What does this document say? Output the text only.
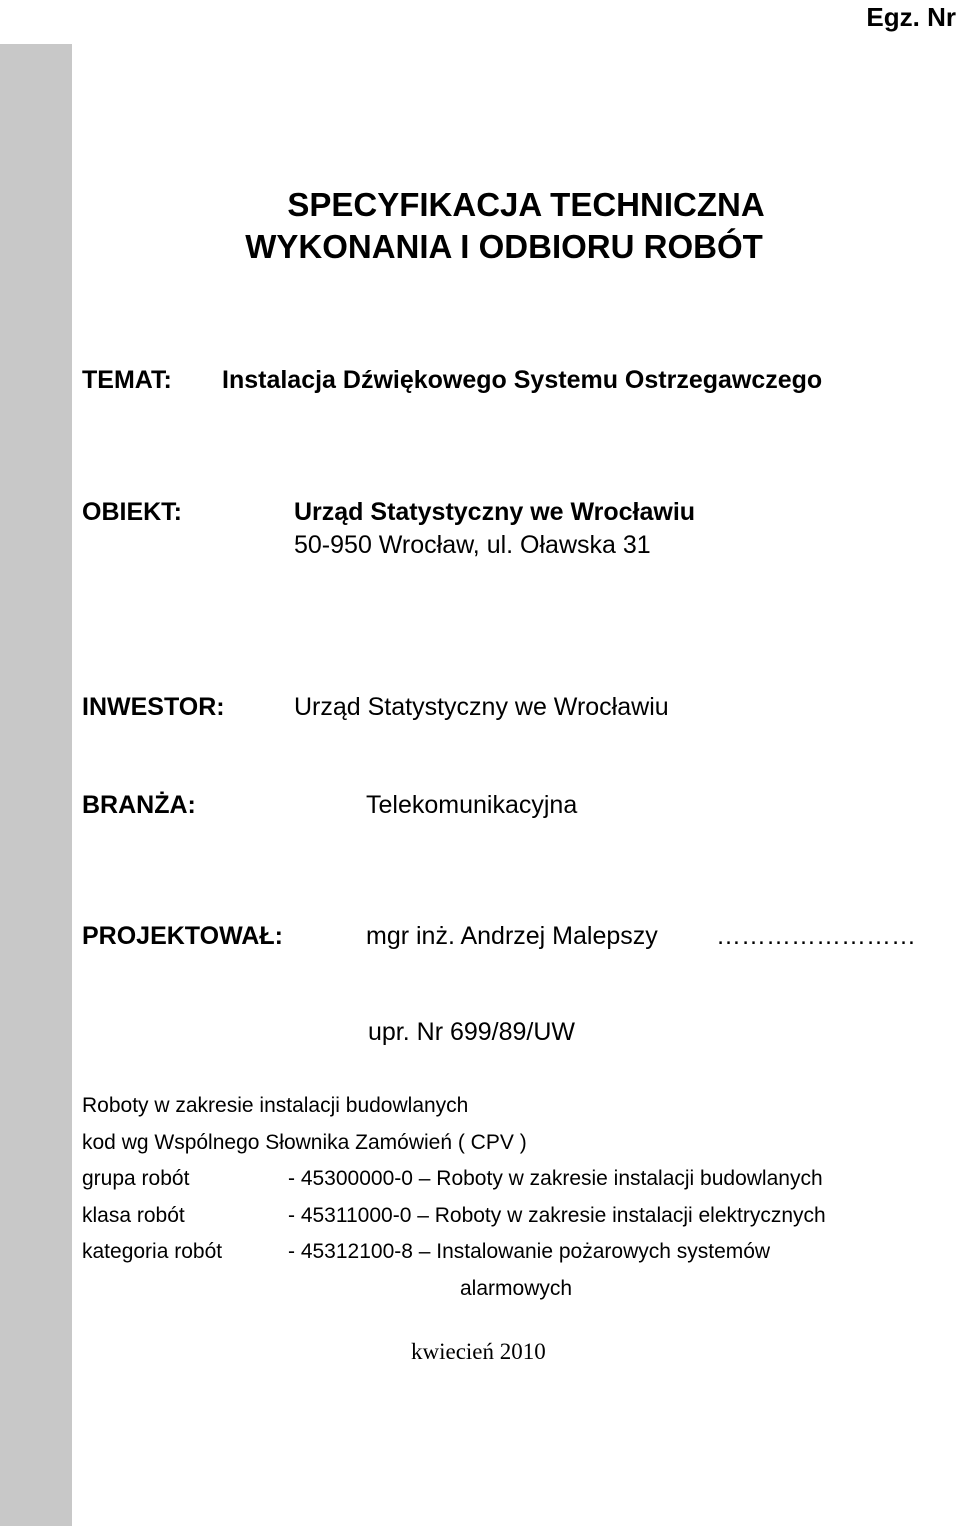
Egz. Nr
SPECYFIKACJA TECHNICZNA
WYKONANIA I ODBIORU ROBÓT
TEMAT: Instalacja Dźwiękowego Systemu Ostrzegawczego
OBIEKT:	Urząd Statystyczny we Wrocławiu
50-950 Wrocław, ul. Oławska 31
INWESTOR:	Urząd Statystyczny we Wrocławiu
BRANŻA:	Telekomunikacyjna
PROJEKTOWAŁ:	mgr inż. Andrzej Malepszy ……………………
upr. Nr 699/89/UW
Roboty w zakresie instalacji budowlanych
kod wg Wspólnego Słownika Zamówień ( CPV )
grupa robót	- 45300000-0 – Roboty w zakresie instalacji budowlanych
klasa robót	- 45311000-0 – Roboty w zakresie instalacji elektrycznych
kategoria robót	- 45312100-8 – Instalowanie pożarowych systemów
alarmowych
kwiecień 2010
